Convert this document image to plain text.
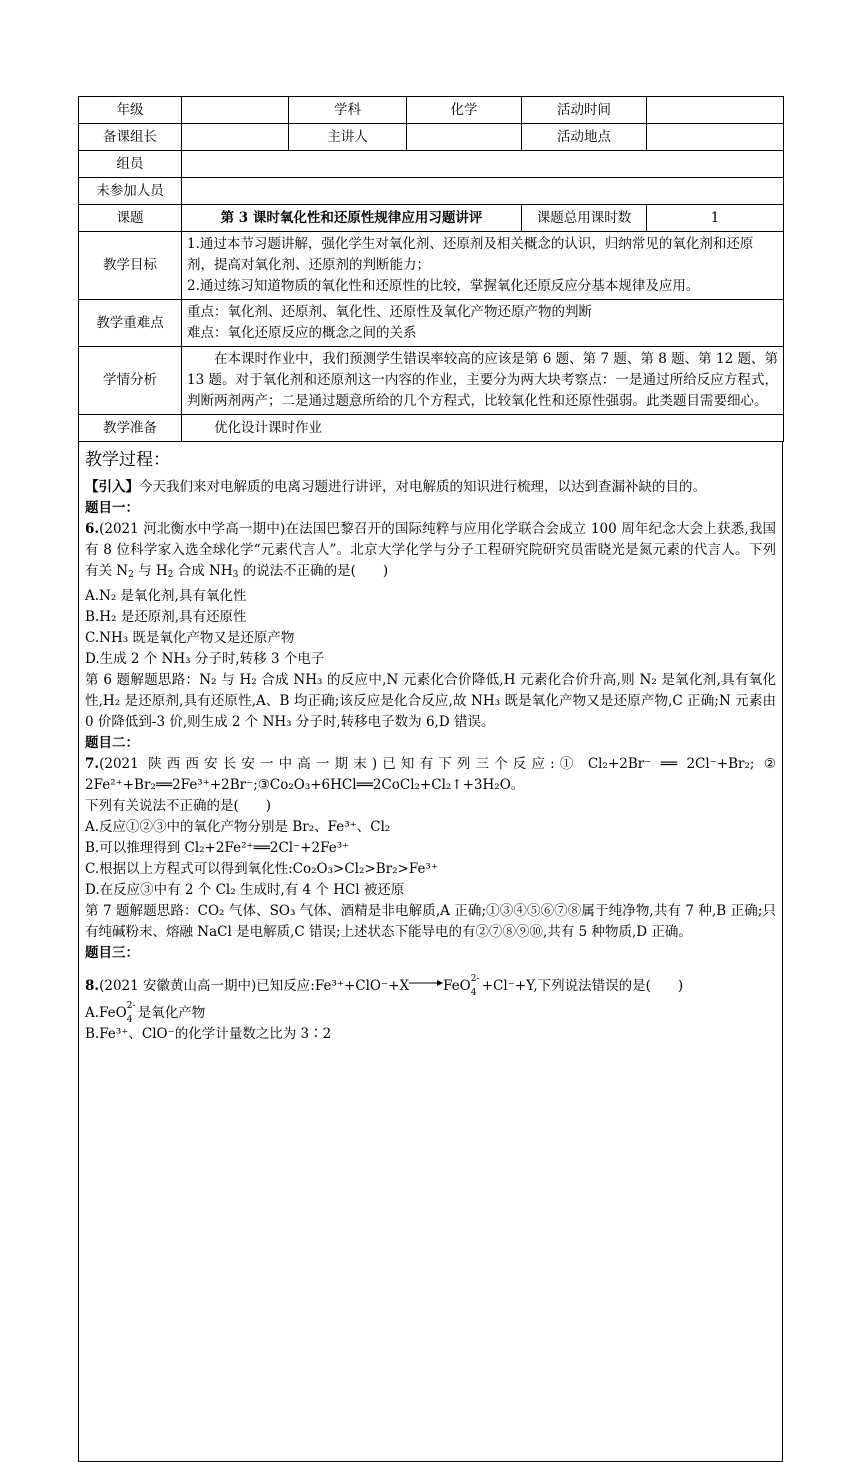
年级		学科	化学	活动时间	
备课组长		主讲人		活动地点	
组员					
未参加人员					
课题	第 3 课时氧化性和还原性规律应用习题讲评			课题总用课时数	1
教学目标	1.通过本节习题讲解，强化学生对氧化剂、还原剂及相关概念的认识，归纳常见的氧化剂和还原剂，提高对氧化剂、还原剂的判断能力；

2.通过练习知道物质的氧化性和还原性的比较，掌握氧化还原反应分基本规律及应用。				

教学重难点	重点：氧化剂、还原剂、氧化性、还原性及氧化产物还原产物的判断

难点：氧化还原反应的概念之间的关系				

学情分析	在本课时作业中，我们预测学生错误率较高的应该是第 6 题、第 7 题、第 8 题、第 12 题、第 13 题。对于氧化剂和还原剂这一内容的作业，主要分为两大块考察点：一是通过所给反应方程式，判断两剂两产；二是通过题意所给的几个方程式，比较氧化性和还原性强弱。此类题目需要细心。				

教学准备	优化设计课时作业				

教学过程：

【引入】今天我们来对电解质的电离习题进行讲评，对电解质的知识进行梳理，以达到查漏补缺的目的。

题目一：

6.(2021 河北衡水中学高一期中)在法国巴黎召开的国际纯粹与应用化学联合会成立 100 周年纪念大会上获悉,我国有 8 位科学家入选全球化学“元素代言人”。北京大学化学与分子工程研究院研究员雷晓光是氮元素的代言人。下列有关 $N_2$ 与 $H_2$ 合成 $NH_3$ 的说法不正确的是(　　)

A.N₂ 是氧化剂,具有氧化性

B.H₂ 是还原剂,具有还原性

C.NH₃ 既是氧化产物又是还原产物

D.生成 2 个 NH₃ 分子时,转移 3 个电子

第 6 题解题思路：N₂ 与 H₂ 合成 NH₃ 的反应中,N 元素化合价降低,H 元素化合价升高,则 N₂ 是氧化剂,具有氧化性,H₂ 是还原剂,具有还原性,A、B 均正确;该反应是化合反应,故 NH₃ 既是氧化产物又是还原产物,C 正确;N 元素由 0 价降低到-3 价,则生成 2 个 NH₃ 分子时,转移电子数为 6,D 错误。

题目二：

7.(2021 陕西西安长安一中高一期末)已知有下列三个反应:① Cl₂+2Br⁻ ══ 2Cl⁻+Br₂; ② 2Fe²⁺+Br₂══2Fe³⁺+2Br⁻;③Co₂O₃+6HCl══2CoCl₂+Cl₂↑+3H₂O。

下列有关说法不正确的是(　　)

A.反应①②③中的氧化产物分别是 Br₂、Fe³⁺、Cl₂

B.可以推理得到 Cl₂+2Fe²⁺══2Cl⁻+2Fe³⁺

C.根据以上方程式可以得到氧化性:Co₂O₃>Cl₂>Br₂>Fe³⁺

D.在反应③中有 2 个 Cl₂ 生成时,有 4 个 HCl 被还原

第 7 题解题思路：CO₂ 气体、SO₃ 气体、酒精是非电解质,A 正确;①③④⑤⑥⑦⑧属于纯净物,共有 7 种,B 正确;只有纯碱粉末、熔融 NaCl 是电解质,C 错误;上述状态下能导电的有②⑦⑧⑨⑩,共有 5 种物质,D 正确。

题目三：

8.(2021 安徽黄山高一期中)已知反应:Fe³⁺+ClO⁻+X→FeO 2-
4 +Cl⁻+Y,下列说法错误的是(　　)

A.FeO 2-
4 是氧化产物

B.Fe³⁺、ClO⁻的化学计量数之比为 3∶2
